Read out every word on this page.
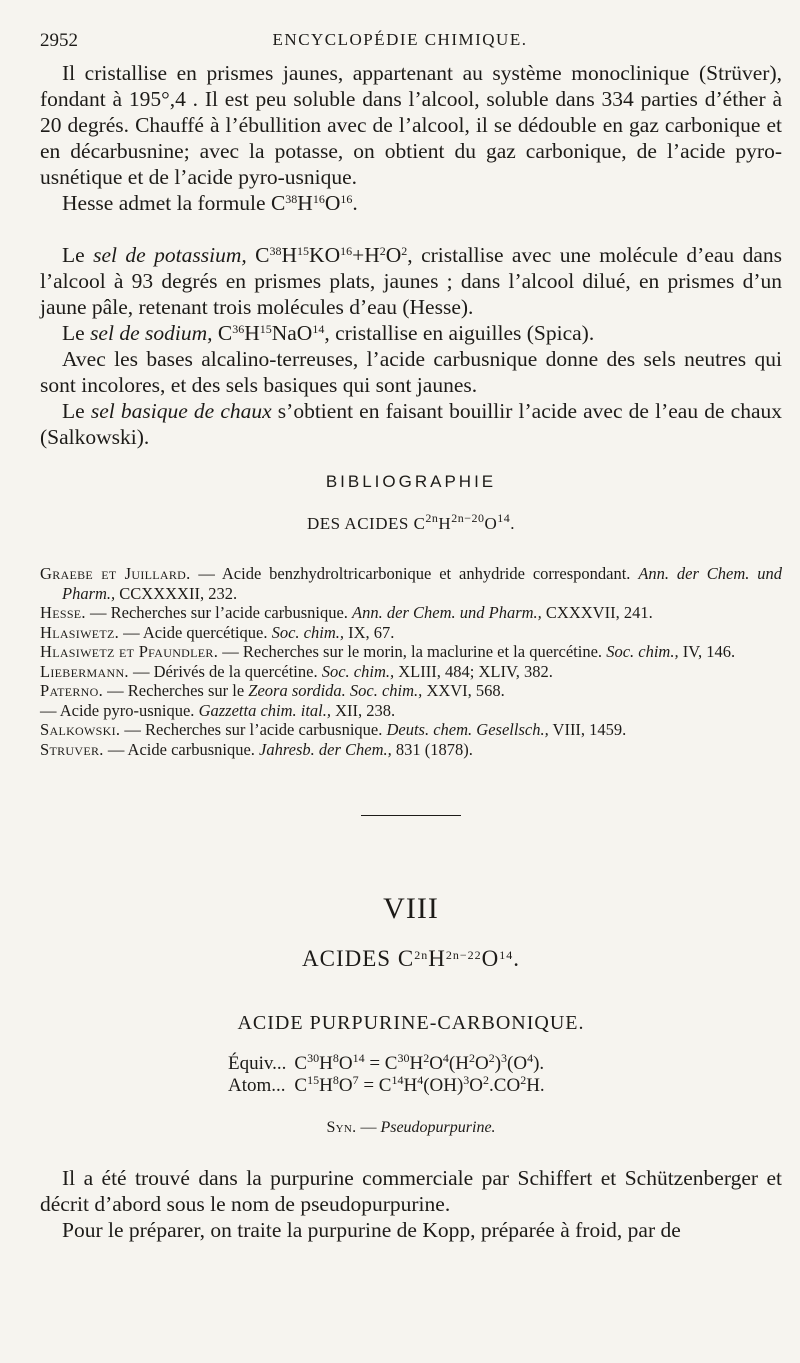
2952	ENCYCLOPÉDIE CHIMIQUE.

Il cristallise en prismes jaunes, appartenant au système monoclinique (Strüver), fondant à 195°,4 . Il est peu soluble dans l’alcool, soluble dans 334 parties d’éther à 20 degrés. Chauffé à l’ébullition avec de l’alcool, il se dédouble en gaz carbonique et en décarbusnine; avec la potasse, on obtient du gaz carbonique, de l’acide pyro-usnétique et de l’acide pyro-usnique.

Hesse admet la formule $C^{38}H^{16}O^{16}$.

Le sel de potassium, $C^{38}H^{15}KO^{16}+H^2O^2$, cristallise avec une molécule d’eau dans l’alcool à 93 degrés en prismes plats, jaunes ; dans l’alcool dilué, en prismes d’un jaune pâle, retenant trois molécules d’eau (Hesse).

Le sel de sodium, $C^{36}H^{15}NaO^{14}$, cristallise en aiguilles (Spica).

Avec les bases alcalino-terreuses, l’acide carbusnique donne des sels neutres qui sont incolores, et des sels basiques qui sont jaunes.

Le sel basique de chaux s’obtient en faisant bouillir l’acide avec de l’eau de chaux (Salkowski).

BIBLIOGRAPHIE
DES ACIDES $C^{2n}H^{2n-20}O^{14}$.
Graebe et Juillard. — Acide benzhydroltricarbonique et anhydride correspondant. Ann. der Chem. und Pharm., CCXXXXII, 232.
Hesse. — Recherches sur l’acide carbusnique. Ann. der Chem. und Pharm., CXXXVII, 241.
Hlasiwetz. — Acide quercétique. Soc. chim., IX, 67.
Hlasiwetz et Pfaundler. — Recherches sur le morin, la maclurine et la quercétine. Soc. chim., IV, 146.
Liebermann. — Dérivés de la quercétine. Soc. chim., XLIII, 484; XLIV, 382.
Paterno. — Recherches sur le Zeora sordida. Soc. chim., XXVI, 568.
— Acide pyro-usnique. Gazzetta chim. ital., XII, 238.
Salkowski. — Recherches sur l’acide carbusnique. Deuts. chem. Gesellsch., VIII, 1459.
Struver. — Acide carbusnique. Jahresb. der Chem., 831 (1878).
VIII
ACIDES $C^{2n}H^{2n-22}O^{14}$.
ACIDE PURPURINE-CARBONIQUE.
Équiv...	$C^{30}H^8O^{14} = C^{30}H^2O^4(H^2O^2)^3(O^4)$.
Atom...	$C^{15}H^8O^7 = C^{14}H^4(OH)^3O^2.CO^2H$.
Syn. — Pseudopurpurine.

Il a été trouvé dans la purpurine commerciale par Schiffert et Schützenberger et décrit d’abord sous le nom de pseudopurpurine.

Pour le préparer, on traite la purpurine de Kopp, préparée à froid, par de
